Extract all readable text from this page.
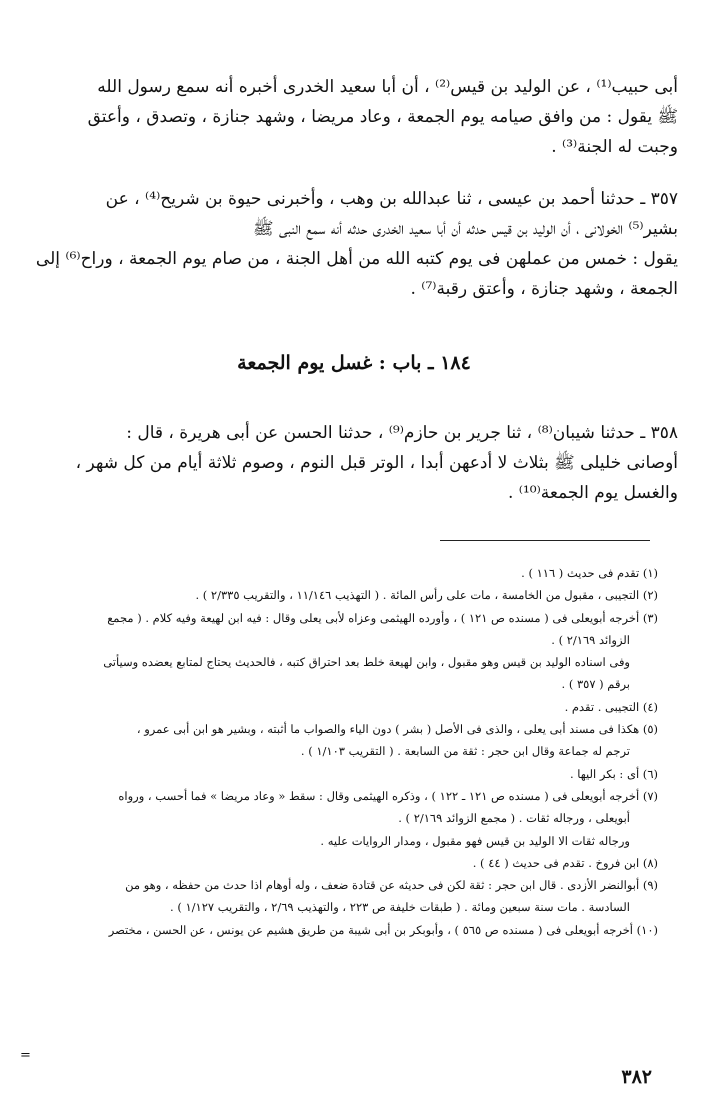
أبى حبيب⁽¹⁾ ، عن الوليد بن قيس⁽²⁾ ، أن أبا سعيد الخدرى أخبره أنه سمع رسول الله

ﷺ يقول : من وافق صيامه يوم الجمعة ، وعاد مريضا ، وشهد جنازة ، وتصدق ، وأعتق

وجبت له الجنة⁽³⁾ .

٣٥٧ ـ حدثنا أحمد بن عيسى ، ثنا عبدالله بن وهب ، وأخبرنى حيوة بن شريح⁽⁴⁾ ، عن

بشير⁽⁵⁾ الخولانى ، أن الوليد بن قيس حدثه أن أبا سعيد الخدرى حدثه أنه سمع النبى ﷺ

يقول : خمس من عملهن فى يوم كتبه الله من أهل الجنة ، من صام يوم الجمعة ، وراح⁽⁶⁾ إلى

الجمعة ، وشهد جنازة ، وأعتق رقبة⁽⁷⁾ .

١٨٤ ـ باب : غسل يوم الجمعة

٣٥٨ ـ حدثنا شيبان⁽⁸⁾ ، ثنا جرير بن حازم⁽⁹⁾ ، حدثنا الحسن عن أبى هريرة ، قال :

أوصانى خليلى ﷺ بثلاث لا أدعهن أبدا ، الوتر قبل النوم ، وصوم ثلاثة أيام من كل شهر ،

والغسل يوم الجمعة⁽¹⁰⁾ .

(١) تقدم فى حديث ( ١١٦ ) .

(٢) التجيبى ، مقبول من الخامسة ، مات على رأس المائة . ( التهذيب ١١/١٤٦ ، والتقريب ٢/٣٣٥ ) .

(٣) أخرجه أبويعلى فى ( مسنده ص ١٢١ ) ، وأورده الهيثمى وعزاه لأبى يعلى وقال : فيه ابن لهيعة وفيه كلام . ( مجمع

الزوائد ٢/١٦٩ ) .

وفى اسناده الوليد بن قيس وهو مقبول ، وابن لهيعة خلط بعد احتراق كتبه ، فالحديث يحتاج لمتابع يعضده وسيأتى

برقم ( ٣٥٧ ) .

(٤) التجيبى . تقدم .

(٥) هكذا فى مسند أبى يعلى ، والذى فى الأصل ( بشر ) دون الياء والصواب ما أثبته ، وبشير هو ابن أبى عمرو ،

ترجم له جماعة وقال ابن حجر : ثقة من السابعة . ( التقريب ١/١٠٣ ) .

(٦) أى : بكر اليها .

(٧) أخرجه أبويعلى فى ( مسنده ص ١٢١ ـ ١٢٢ ) ، وذكره الهيثمى وقال : سقط « وعاد مريضا » فما أحسب ، ورواه

أبويعلى ، ورجاله ثقات . ( مجمع الزوائد ٢/١٦٩ ) .

ورجاله ثقات الا الوليد بن قيس فهو مقبول ، ومدار الروايات عليه .

(٨) ابن فروخ . تقدم فى حديث ( ٤٤ ) .

(٩) أبوالنضر الأزدى . قال ابن حجر : ثقة لكن فى حديثه عن قتادة ضعف ، وله أوهام اذا حدث من حفظه ، وهو من

السادسة . مات سنة سبعين ومائة . ( طبقات خليفة ص ٢٢٣ ، والتهذيب ٢/٦٩ ، والتقريب ١/١٢٧ ) .

(١٠) أخرجه أبويعلى فى ( مسنده ص ٥٦٥ ) ، وأبوبكر بن أبى شيبة من طريق هشيم عن يونس ، عن الحسن ، مختصر

=
٣٨٢
